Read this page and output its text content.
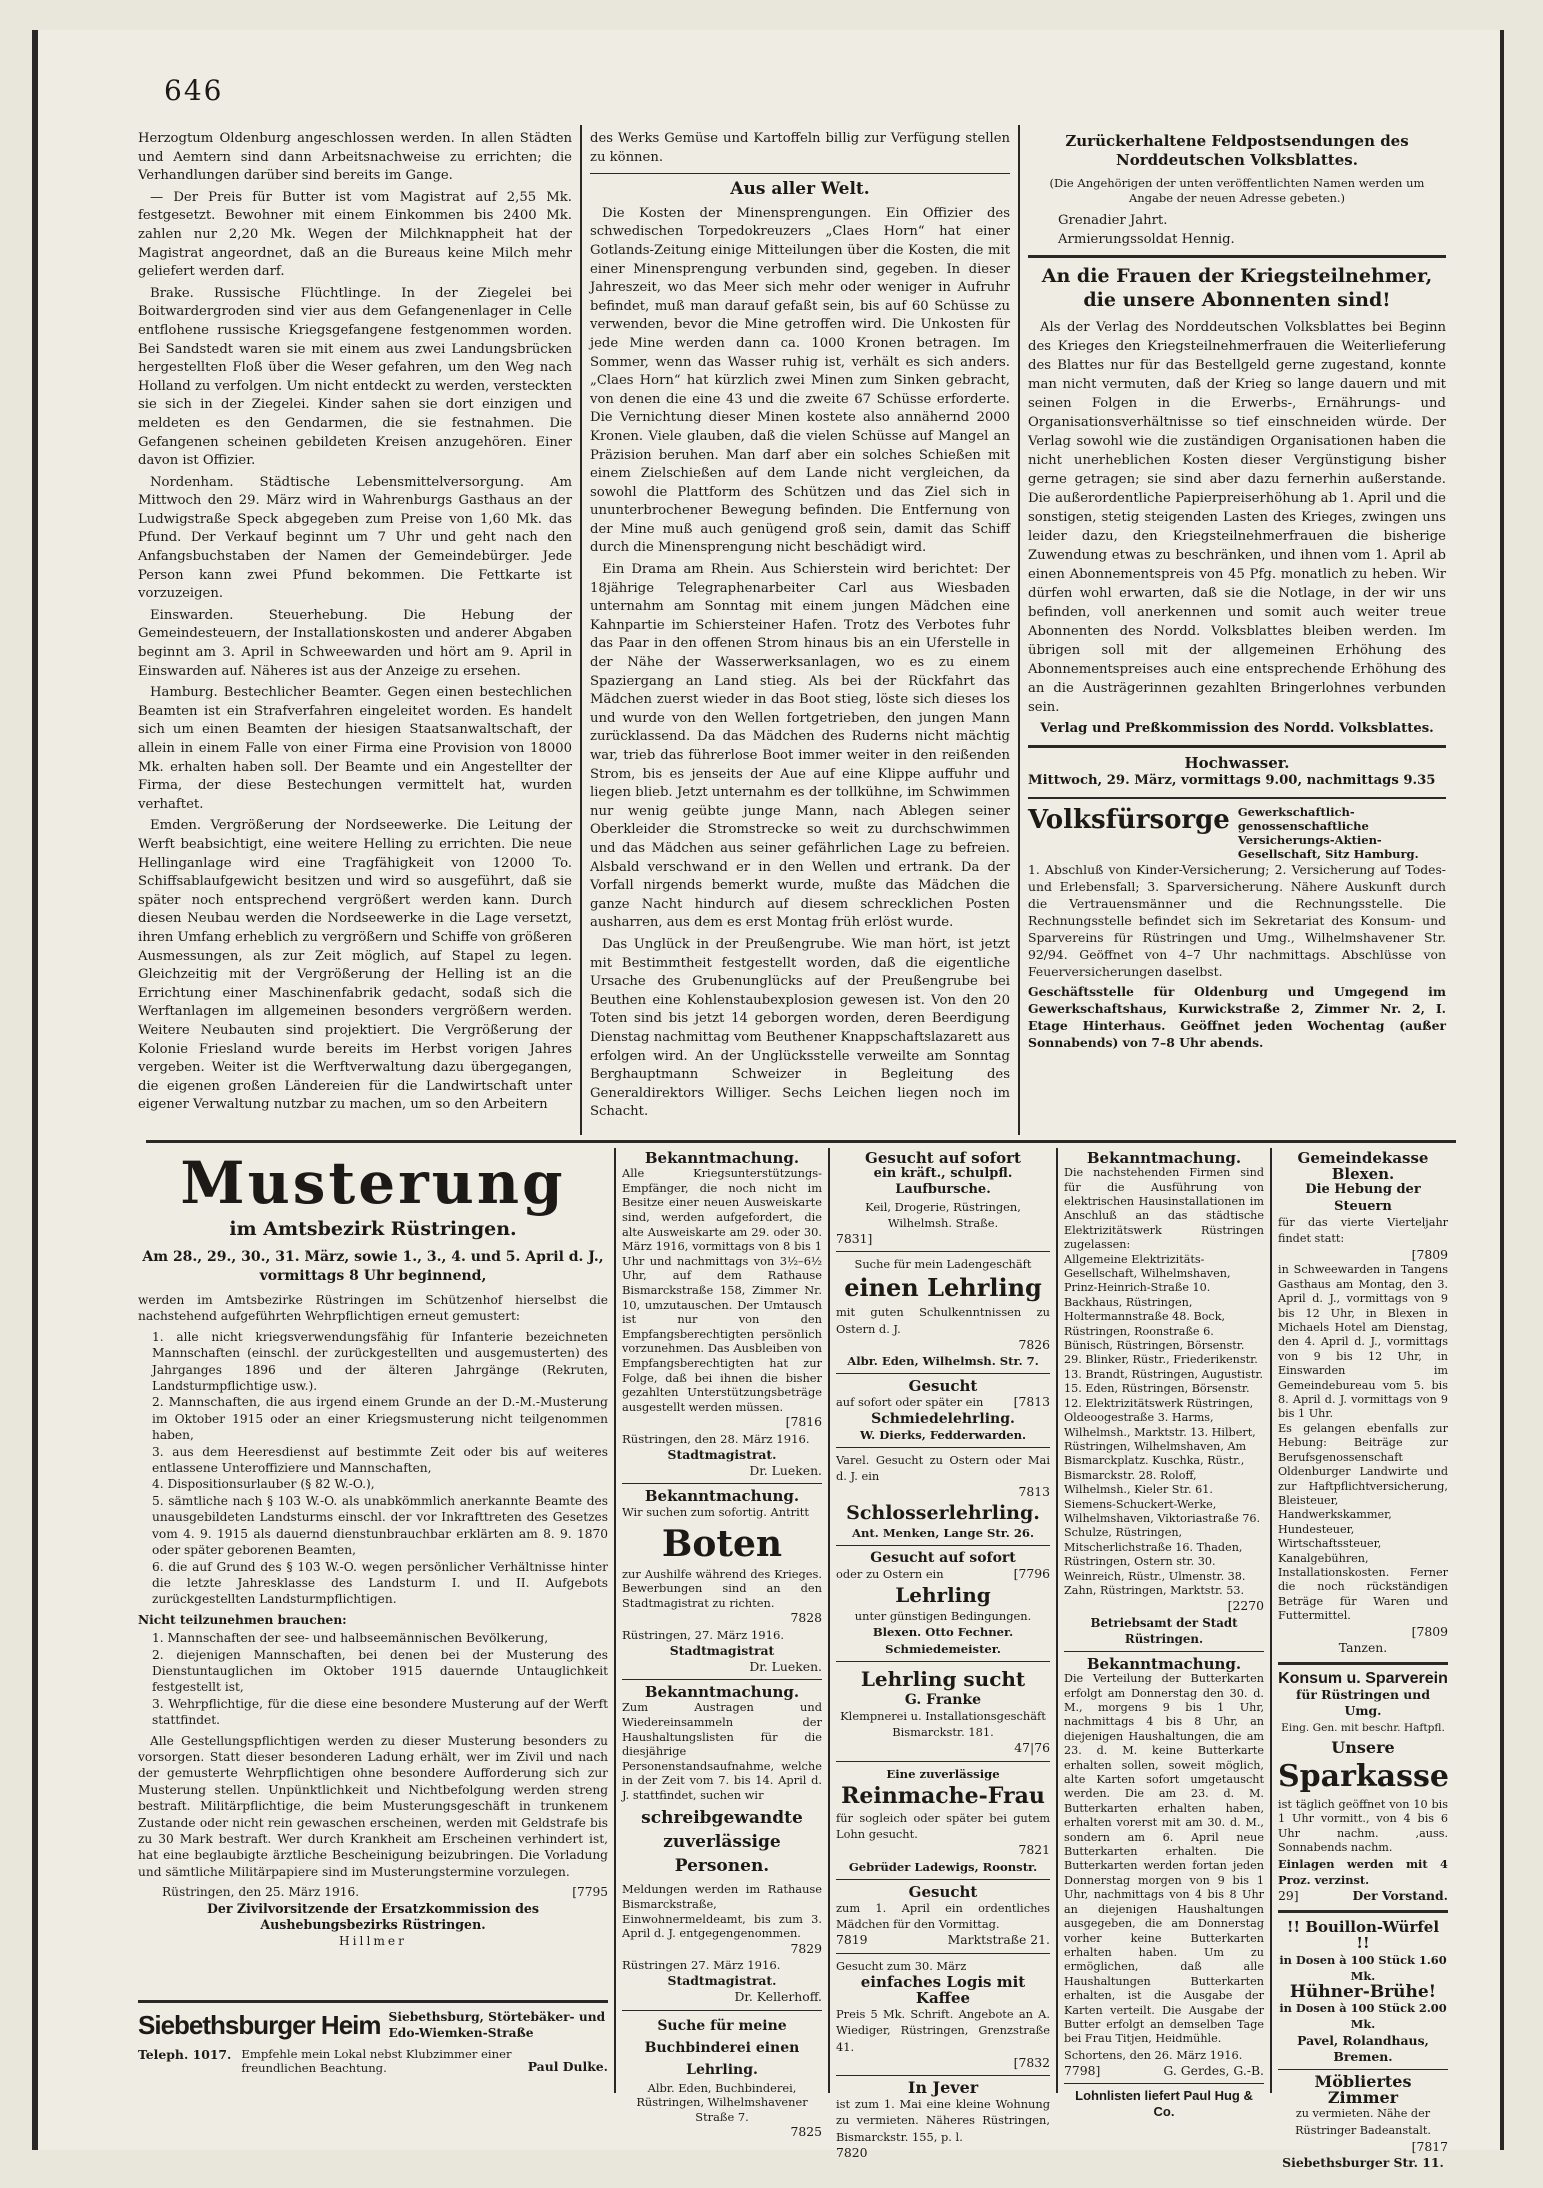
646

Herzogtum Oldenburg angeschlossen werden. In allen Städten und Aemtern sind dann Arbeitsnachweise zu errichten; die Verhandlungen darüber sind bereits im Gange.

— Der Preis für Butter ist vom Magistrat auf 2,55 Mk. festgesetzt. Bewohner mit einem Einkommen bis 2400 Mk. zahlen nur 2,20 Mk. Wegen der Milchknappheit hat der Magistrat angeordnet, daß an die Bureaus keine Milch mehr geliefert werden darf.

Brake. Russische Flüchtlinge. In der Ziegelei bei Boitwardergroden sind vier aus dem Gefangenenlager in Celle entflohene russische Kriegsgefangene festgenommen worden. Bei Sandstedt waren sie mit einem aus zwei Landungsbrücken hergestellten Floß über die Weser gefahren, um den Weg nach Holland zu verfolgen. Um nicht entdeckt zu werden, versteckten sie sich in der Ziegelei. Kinder sahen sie dort einzigen und meldeten es den Gendarmen, die sie festnahmen. Die Gefangenen scheinen gebildeten Kreisen anzugehören. Einer davon ist Offizier.

Nordenham. Städtische Lebensmittelversorgung. Am Mittwoch den 29. März wird in Wahrenburgs Gasthaus an der Ludwigstraße Speck abgegeben zum Preise von 1,60 Mk. das Pfund. Der Verkauf beginnt um 7 Uhr und geht nach den Anfangsbuchstaben der Namen der Gemeindebürger. Jede Person kann zwei Pfund bekommen. Die Fettkarte ist vorzuzeigen.

Einswarden. Steuerhebung. Die Hebung der Gemeindesteuern, der Installationskosten und anderer Abgaben beginnt am 3. April in Schweewarden und hört am 9. April in Einswarden auf. Näheres ist aus der Anzeige zu ersehen.

Hamburg. Bestechlicher Beamter. Gegen einen bestechlichen Beamten ist ein Strafverfahren eingeleitet worden. Es handelt sich um einen Beamten der hiesigen Staatsanwaltschaft, der allein in einem Falle von einer Firma eine Provision von 18000 Mk. erhalten haben soll. Der Beamte und ein Angestellter der Firma, der diese Bestechungen vermittelt hat, wurden verhaftet.

Emden. Vergrößerung der Nordseewerke. Die Leitung der Werft beabsichtigt, eine weitere Helling zu errichten. Die neue Hellinganlage wird eine Tragfähigkeit von 12000 To. Schiffsablaufgewicht besitzen und wird so ausgeführt, daß sie später noch entsprechend vergrößert werden kann. Durch diesen Neubau werden die Nordseewerke in die Lage versetzt, ihren Umfang erheblich zu vergrößern und Schiffe von größeren Ausmessungen, als zur Zeit möglich, auf Stapel zu legen. Gleichzeitig mit der Vergrößerung der Helling ist an die Errichtung einer Maschinenfabrik gedacht, sodaß sich die Werftanlagen im allgemeinen besonders vergrößern werden. Weitere Neubauten sind projektiert. Die Vergrößerung der Kolonie Friesland wurde bereits im Herbst vorigen Jahres vergeben. Weiter ist die Werftverwaltung dazu übergegangen, die eigenen großen Ländereien für die Landwirtschaft unter eigener Verwaltung nutzbar zu machen, um so den Arbeitern

des Werks Gemüse und Kartoffeln billig zur Verfügung stellen zu können.

Aus aller Welt.

Die Kosten der Minensprengungen. Ein Offizier des schwedischen Torpedokreuzers „Claes Horn“ hat einer Gotlands-Zeitung einige Mitteilungen über die Kosten, die mit einer Minensprengung verbunden sind, gegeben. In dieser Jahreszeit, wo das Meer sich mehr oder weniger in Aufruhr befindet, muß man darauf gefaßt sein, bis auf 60 Schüsse zu verwenden, bevor die Mine getroffen wird. Die Unkosten für jede Mine werden dann ca. 1000 Kronen betragen. Im Sommer, wenn das Wasser ruhig ist, verhält es sich anders. „Claes Horn“ hat kürzlich zwei Minen zum Sinken gebracht, von denen die eine 43 und die zweite 67 Schüsse erforderte. Die Vernichtung dieser Minen kostete also annähernd 2000 Kronen. Viele glauben, daß die vielen Schüsse auf Mangel an Präzision beruhen. Man darf aber ein solches Schießen mit einem Zielschießen auf dem Lande nicht vergleichen, da sowohl die Plattform des Schützen und das Ziel sich in ununterbrochener Bewegung befinden. Die Entfernung von der Mine muß auch genügend groß sein, damit das Schiff durch die Minensprengung nicht beschädigt wird.

Ein Drama am Rhein. Aus Schierstein wird berichtet: Der 18jährige Telegraphenarbeiter Carl aus Wiesbaden unternahm am Sonntag mit einem jungen Mädchen eine Kahnpartie im Schiersteiner Hafen. Trotz des Verbotes fuhr das Paar in den offenen Strom hinaus bis an ein Uferstelle in der Nähe der Wasserwerksanlagen, wo es zu einem Spaziergang an Land stieg. Als bei der Rückfahrt das Mädchen zuerst wieder in das Boot stieg, löste sich dieses los und wurde von den Wellen fortgetrieben, den jungen Mann zurücklassend. Da das Mädchen des Ruderns nicht mächtig war, trieb das führerlose Boot immer weiter in den reißenden Strom, bis es jenseits der Aue auf eine Klippe auffuhr und liegen blieb. Jetzt unternahm es der tollkühne, im Schwimmen nur wenig geübte junge Mann, nach Ablegen seiner Oberkleider die Stromstrecke so weit zu durchschwimmen und das Mädchen aus seiner gefährlichen Lage zu befreien. Alsbald verschwand er in den Wellen und ertrank. Da der Vorfall nirgends bemerkt wurde, mußte das Mädchen die ganze Nacht hindurch auf diesem schrecklichen Posten ausharren, aus dem es erst Montag früh erlöst wurde.

Das Unglück in der Preußengrube. Wie man hört, ist jetzt mit Bestimmtheit festgestellt worden, daß die eigentliche Ursache des Grubenunglücks auf der Preußengrube bei Beuthen eine Kohlenstaubexplosion gewesen ist. Von den 20 Toten sind bis jetzt 14 geborgen worden, deren Beerdigung Dienstag nachmittag vom Beuthener Knappschaftslazarett aus erfolgen wird. An der Unglücksstelle verweilte am Sonntag Berghauptmann Schweizer in Begleitung des Generaldirektors Williger. Sechs Leichen liegen noch im Schacht.

Zurückerhaltene Feldpostsendungen des Norddeutschen Volksblattes.
(Die Angehörigen der unten veröffentlichten Namen werden um Angabe der neuen Adresse gebeten.)
Grenadier Jahrt.
Armierungssoldat Hennig.
An die Frauen der Kriegsteilnehmer, die unsere Abonnenten sind!

Als der Verlag des Norddeutschen Volksblattes bei Beginn des Krieges den Kriegsteilnehmerfrauen die Weiterlieferung des Blattes nur für das Bestellgeld gerne zugestand, konnte man nicht vermuten, daß der Krieg so lange dauern und mit seinen Folgen in die Erwerbs-, Ernährungs- und Organisationsverhältnisse so tief einschneiden würde. Der Verlag sowohl wie die zuständigen Organisationen haben die nicht unerheblichen Kosten dieser Vergünstigung bisher gerne getragen; sie sind aber dazu fernerhin außerstande. Die außerordentliche Papierpreiserhöhung ab 1. April und die sonstigen, stetig steigenden Lasten des Krieges, zwingen uns leider dazu, den Kriegsteilnehmerfrauen die bisherige Zuwendung etwas zu beschränken, und ihnen vom 1. April ab einen Abonnementspreis von 45 Pfg. monatlich zu heben. Wir dürfen wohl erwarten, daß sie die Notlage, in der wir uns befinden, voll anerkennen und somit auch weiter treue Abonnenten des Nordd. Volksblattes bleiben werden. Im übrigen soll mit der allgemeinen Erhöhung des Abonnementspreises auch eine entsprechende Erhöhung des an die Austrägerinnen gezahlten Bringerlohnes verbunden sein.

Verlag und Preßkommission des Nordd. Volksblattes.
Hochwasser.
Mittwoch, 29. März, vormittags 9.00, nachmittags 9.35
Volksfürsorge Gewerkschaftlich-genossenschaftliche Versicherungs-Aktien-Gesellschaft, Sitz Hamburg.

1. Abschluß von Kinder-Versicherung; 2. Versicherung auf Todes- und Erlebensfall; 3. Sparversicherung. Nähere Auskunft durch die Vertrauensmänner und die Rechnungsstelle. Die Rechnungsstelle befindet sich im Sekretariat des Konsum- und Sparvereins für Rüstringen und Umg., Wilhelmshavener Str. 92/94. Geöffnet von 4–7 Uhr nachmittags. Abschlüsse von Feuerversicherungen daselbst.

Geschäftsstelle für Oldenburg und Umgegend im Gewerkschaftshaus, Kurwickstraße 2, Zimmer Nr. 2, I. Etage Hinterhaus. Geöffnet jeden Wochentag (außer Sonnabends) von 7–8 Uhr abends.

Musterung
im Amtsbezirk Rüstringen.
Am 28., 29., 30., 31. März, sowie 1., 3., 4. und 5. April d. J., vormittags 8 Uhr beginnend,

werden im Amtsbezirke Rüstringen im Schützenhof hierselbst die nachstehend aufgeführten Wehrpflichtigen erneut gemustert:

1. alle nicht kriegsverwendungsfähig für Infanterie bezeichneten Mannschaften (einschl. der zurückgestellten und ausgemusterten) des Jahrganges 1896 und der älteren Jahrgänge (Rekruten, Landsturmpflichtige usw.).

2. Mannschaften, die aus irgend einem Grunde an der D.-M.-Musterung im Oktober 1915 oder an einer Kriegsmusterung nicht teilgenommen haben,

3. aus dem Heeresdienst auf bestimmte Zeit oder bis auf weiteres entlassene Unteroffiziere und Mannschaften,

4. Dispositionsurlauber (§ 82 W.-O.),

5. sämtliche nach § 103 W.-O. als unabkömmlich anerkannte Beamte des unausgebildeten Landsturms einschl. der vor Inkrafttreten des Gesetzes vom 4. 9. 1915 als dauernd dienstunbrauchbar erklärten am 8. 9. 1870 oder später geborenen Beamten,

6. die auf Grund des § 103 W.-O. wegen persönlicher Verhältnisse hinter die letzte Jahresklasse des Landsturm I. und II. Aufgebots zurückgestellten Landsturmpflichtigen.

Nicht teilzunehmen brauchen:

1. Mannschaften der see- und halbseemännischen Bevölkerung,

2. diejenigen Mannschaften, bei denen bei der Musterung des Dienstuntauglichen im Oktober 1915 dauernde Untauglichkeit festgestellt ist,

3. Wehrpflichtige, für die diese eine besondere Musterung auf der Werft stattfindet.

Alle Gestellungspflichtigen werden zu dieser Musterung besonders zu vorsorgen. Statt dieser besonderen Ladung erhält, wer im Zivil und nach der gemusterte Wehrpflichtigen ohne besondere Aufforderung sich zur Musterung stellen. Unpünktlichkeit und Nichtbefolgung werden streng bestraft. Militärpflichtige, die beim Musterungsgeschäft in trunkenem Zustande oder nicht rein gewaschen erscheinen, werden mit Geldstrafe bis zu 30 Mark bestraft. Wer durch Krankheit am Erscheinen verhindert ist, hat eine beglaubigte ärztliche Bescheinigung beizubringen. Die Vorladung und sämtliche Militärpapiere sind im Musterungstermine vorzulegen.

Rüstringen, den 25. März 1916.	[7795
Der Zivilvorsitzende der Ersatzkommission des Aushebungsbezirks Rüstringen.
Hillmer
Siebethsburger Heim Siebethsburg, Störtebäker- und Edo-Wiemken-Straße
Teleph. 1017. Empfehle mein Lokal nebst Klubzimmer einer freundlichen Beachtung.	Paul Dulke.
Bekanntmachung.

Alle Kriegsunterstützungs-Empfänger, die noch nicht im Besitze einer neuen Ausweiskarte sind, werden aufgefordert, die alte Ausweiskarte am 29. oder 30. März 1916, vormittags von 8 bis 1 Uhr und nachmittags von 3½–6½ Uhr, auf dem Rathause Bismarckstraße 158, Zimmer Nr. 10, umzutauschen. Der Umtausch ist nur von den Empfangsberechtigten persönlich vorzunehmen. Das Ausbleiben von Empfangsberechtigten hat zur Folge, daß bei ihnen die bisher gezahlten Unterstützungsbeträge ausgestellt werden müssen.

[7816
Rüstringen, den 28. März 1916.
Stadtmagistrat.
Dr. Lueken.
Bekanntmachung.
Wir suchen zum sofortig. Antritt
Boten

zur Aushilfe während des Krieges. Bewerbungen sind an den Stadtmagistrat zu richten.

7828
Rüstringen, 27. März 1916.
Stadtmagistrat
Dr. Lueken.
Bekanntmachung.

Zum Austragen und Wiedereinsammeln der Haushaltungslisten für die diesjährige Personenstandsaufnahme, welche in der Zeit vom 7. bis 14. April d. J. stattfindet, suchen wir

schreibgewandte zuverlässige Personen.

Meldungen werden im Rathause Bismarckstraße, Einwohnermeldeamt, bis zum 3. April d. J. entgegengenommen.

7829
Rüstringen 27. März 1916.
Stadtmagistrat.
Dr. Kellerhoff.
Suche für meine Buchbinderei einen Lehrling.

Albr. Eden, Buchbinderei, Rüstringen, Wilhelmshavener Straße 7.

7825
Gesucht auf sofort
ein kräft., schulpfl. Laufbursche.
Keil, Drogerie, Rüstringen, Wilhelmsh. Straße.
7831]
Suche für mein Ladengeschäft
einen Lehrling
mit guten Schulkenntnissen zu Ostern d. J.
7826
Albr. Eden, Wilhelmsh. Str. 7.
Gesucht
auf sofort oder später ein [7813
Schmiedelehrling.
W. Dierks, Fedderwarden.
Varel. Gesucht zu Ostern oder Mai d. J. ein
7813
Schlosserlehrling.
Ant. Menken, Lange Str. 26.
Gesucht auf sofort
oder zu Ostern ein	[7796
Lehrling
unter günstigen Bedingungen.
Blexen. Otto Fechner. Schmiedemeister.
Lehrling sucht
G. Franke
Klempnerei u. Installationsgeschäft Bismarckstr. 181.
47|76
Eine zuverlässige
Reinmache-Frau
für sogleich oder später bei gutem Lohn gesucht.
7821
Gebrüder Ladewigs, Roonstr.
Gesucht
zum 1. April ein ordentliches Mädchen für den Vormittag.
7819	Marktstraße 21.
Gesucht zum 30. März
einfaches Logis mit Kaffee
Preis 5 Mk. Schrift. Angebote an A. Wiediger, Rüstringen, Grenzstraße 41.
[7832
In Jever
ist zum 1. Mai eine kleine Wohnung zu vermieten. Näheres Rüstringen, Bismarckstr. 155, p. l.
7820
Bekanntmachung.

Die nachstehenden Firmen sind für die Ausführung von elektrischen Hausinstallationen im Anschluß an das städtische Elektrizitätswerk Rüstringen zugelassen:

Allgemeine Elektrizitäts-Gesellschaft, Wilhelmshaven, Prinz-Heinrich-Straße 10. Backhaus, Rüstringen, Holtermannstraße 48. Bock, Rüstringen, Roonstraße 6. Bünisch, Rüstringen, Börsenstr. 29. Blinker, Rüstr., Friederikenstr. 13. Brandt, Rüstringen, Augustistr. 15. Eden, Rüstringen, Börsenstr. 12. Elektrizitätswerk Rüstringen, Oldeoogestraße 3. Harms, Wilhelmsh., Marktstr. 13. Hilbert, Rüstringen, Wilhelmshaven, Am Bismarckplatz. Kuschka, Rüstr., Bismarckstr. 28. Roloff, Wilhelmsh., Kieler Str. 61. Siemens-Schuckert-Werke, Wilhelmshaven, Viktoriastraße 76. Schulze, Rüstringen, Mitscherlichstraße 16. Thaden, Rüstringen, Ostern str. 30. Weinreich, Rüstr., Ulmenstr. 38. Zahn, Rüstringen, Marktstr. 53.

[2270
Betriebsamt der Stadt Rüstringen.
Bekanntmachung.

Die Verteilung der Butterkarten erfolgt am Donnerstag den 30. d. M., morgens 9 bis 1 Uhr, nachmittags 4 bis 8 Uhr, an diejenigen Haushaltungen, die am 23. d. M. keine Butterkarte erhalten sollen, soweit möglich, alte Karten sofort umgetauscht werden. Die am 23. d. M. Butterkarten erhalten haben, erhalten vorerst mit am 30. d. M., sondern am 6. April neue Butterkarten erhalten. Die Butterkarten werden fortan jeden Donnerstag morgen von 9 bis 1 Uhr, nachmittags von 4 bis 8 Uhr an diejenigen Haushaltungen ausgegeben, die am Donnerstag vorher keine Butterkarten erhalten haben. Um zu ermöglichen, daß alle Haushaltungen Butterkarten erhalten, ist die Ausgabe der Karten verteilt. Die Ausgabe der Butter erfolgt an demselben Tage bei Frau Titjen, Heidmühle.

Schortens, den 26. März 1916.
7798]	G. Gerdes, G.-B.
Lohnlisten liefert Paul Hug & Co.
Gemeindekasse Blexen.
Die Hebung der Steuern
für das vierte Vierteljahr findet statt:
[7809

in Schweewarden in Tangens Gasthaus am Montag, den 3. April d. J., vormittags von 9 bis 12 Uhr, in Blexen in Michaels Hotel am Dienstag, den 4. April d. J., vormittags von 9 bis 12 Uhr, in Einswarden im Gemeindebureau vom 5. bis 8. April d. J. vormittags von 9 bis 1 Uhr.

Es gelangen ebenfalls zur Hebung: Beiträge zur Berufsgenossenschaft Oldenburger Landwirte und zur Haftpflichtversicherung, Bleisteuer, Handwerkskammer, Hundesteuer, Wirtschaftssteuer, Kanalgebühren, Installationskosten. Ferner die noch rückständigen Beträge für Waren und Futtermittel.

[7809
Tanzen.
Konsum u. Sparverein
für Rüstringen und Umg.
Eing. Gen. mit beschr. Haftpfl.
Unsere
Sparkasse

ist täglich geöffnet von 10 bis 1 Uhr vormitt., von 4 bis 6 Uhr nachm. ,auss. Sonnabends nachm.

Einlagen werden mit 4 Proz. verzinst.
29]	Der Vorstand.
!! Bouillon-Würfel !!
in Dosen à 100 Stück 1.60 Mk.
Hühner-Brühe!
in Dosen à 100 Stück 2.00 Mk.
Pavel, Rolandhaus, Bremen.
Möbliertes Zimmer
zu vermieten. Nähe der Rüstringer Badeanstalt.
[7817
Siebethsburger Str. 11.
